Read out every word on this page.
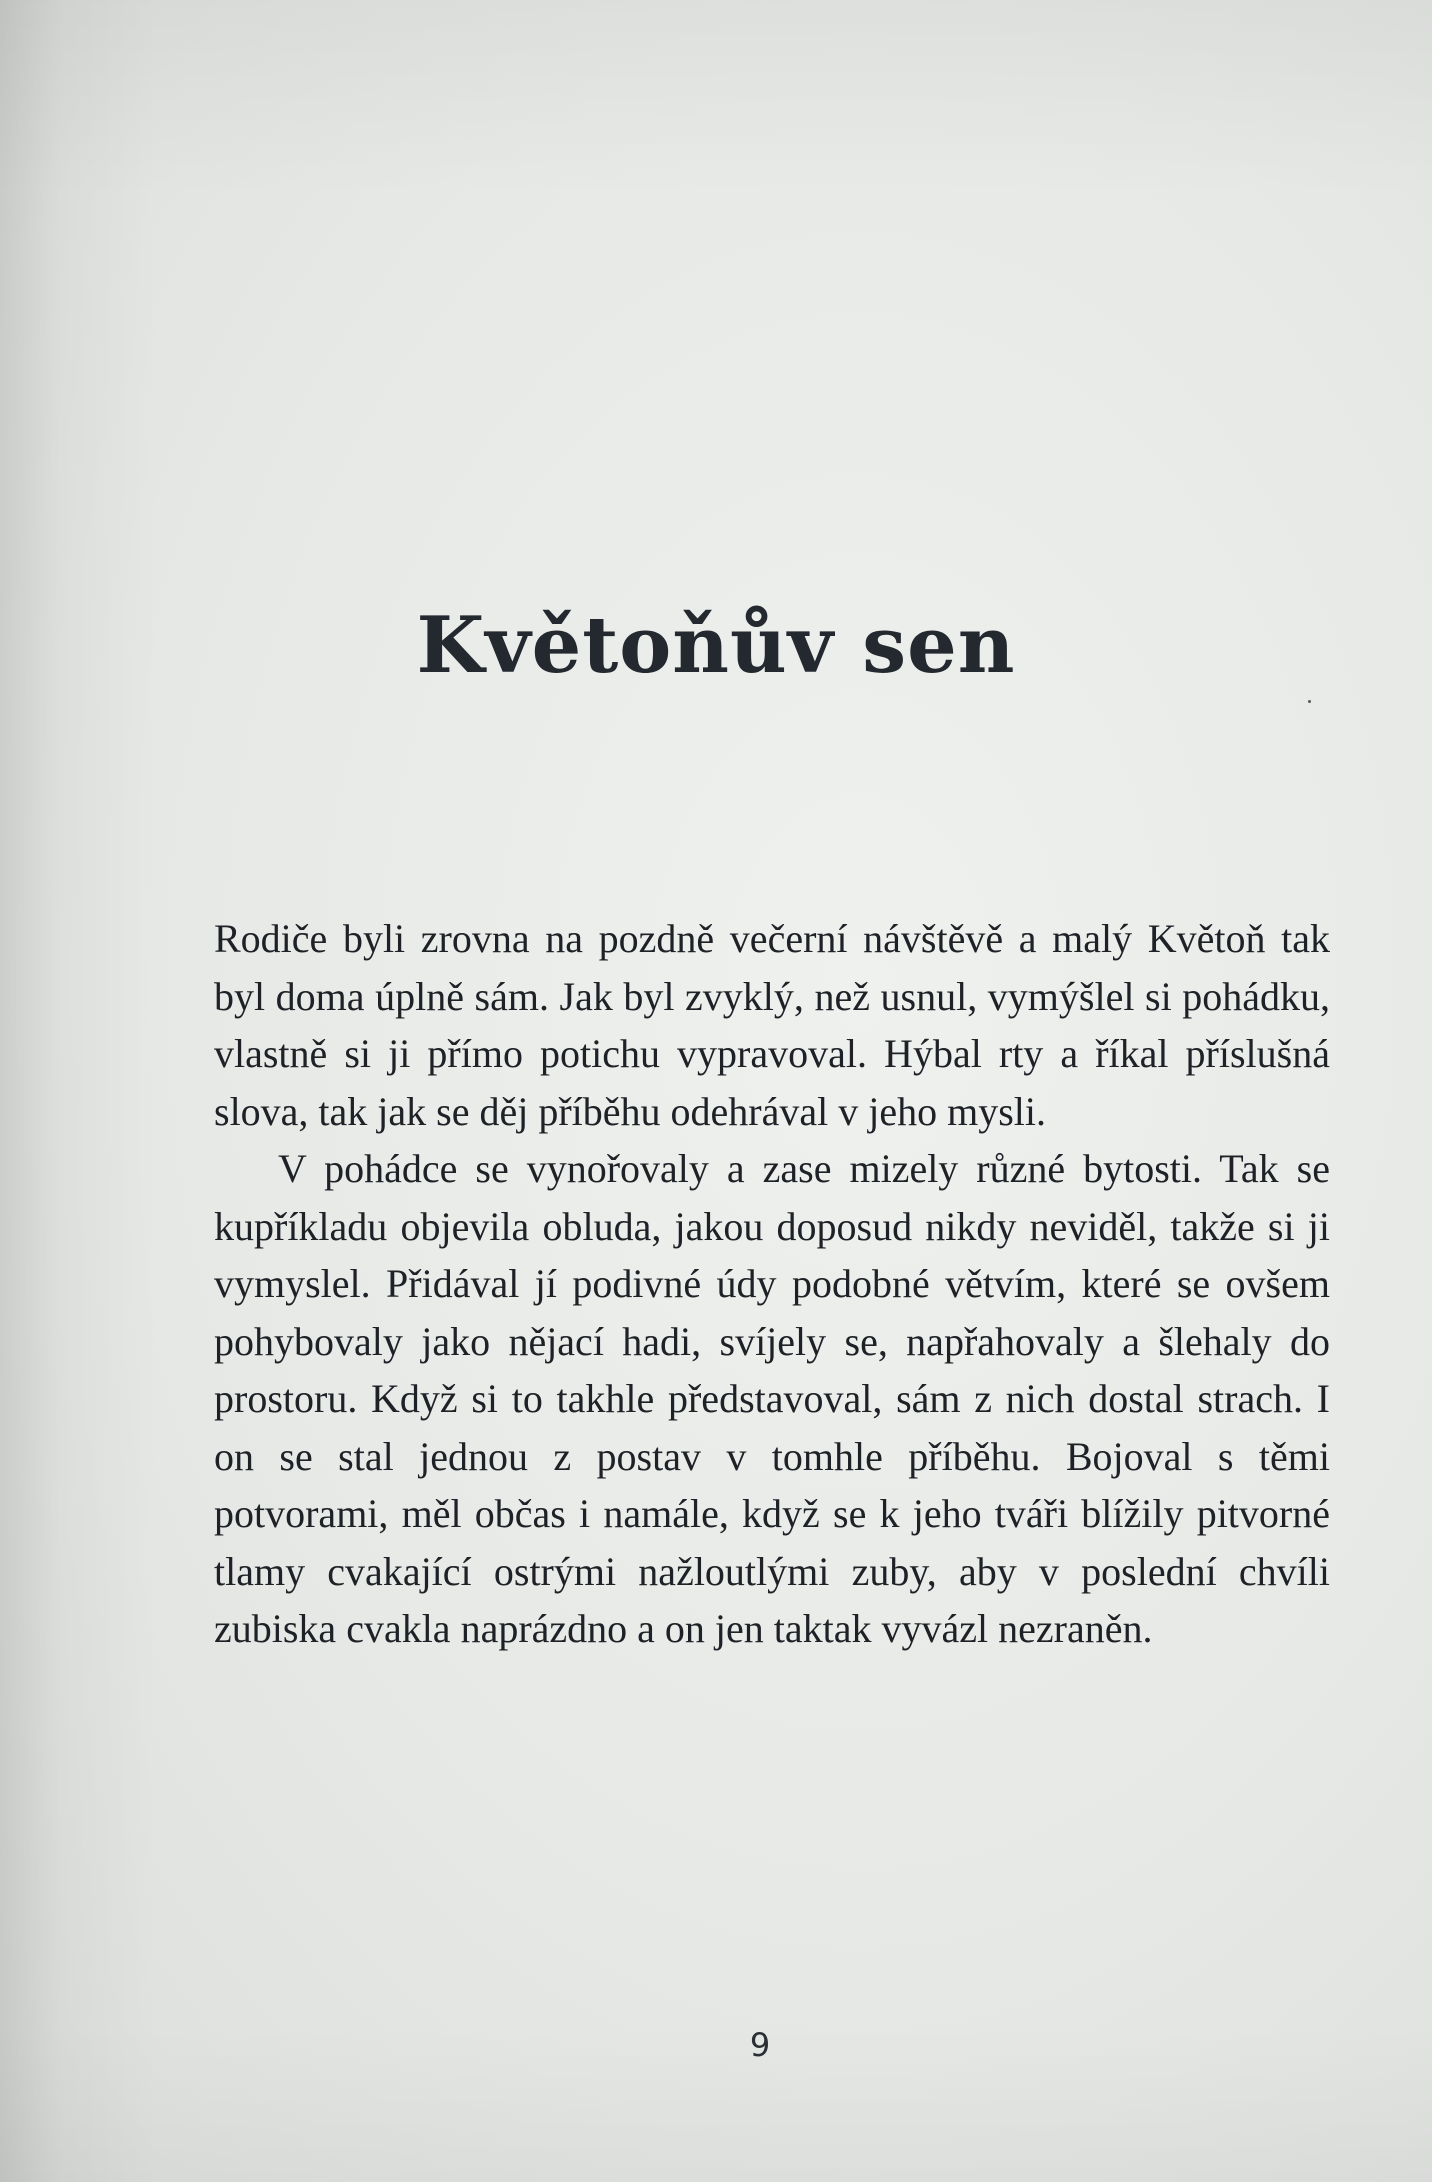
Květoňův sen

Rodiče byli zrovna na pozdně večerní návštěvě a malý Květoň tak byl doma úplně sám. Jak byl zvyklý, než usnul, vymýšlel si pohádku, vlastně si ji přímo potichu vypravoval. Hýbal rty a říkal příslušná slova, tak jak se děj příběhu odehrával v jeho mysli.

V pohádce se vynořovaly a zase mizely různé bytosti. Tak se kupříkladu objevila obluda, jakou doposud nikdy neviděl, takže si ji vymyslel. Přidával jí podivné údy podobné větvím, které se ovšem pohybovaly jako nějací hadi, svíjely se, napřahovaly a šlehaly do prostoru. Když si to takhle představoval, sám z nich dostal strach. I on se stal jednou z postav v tomhle příběhu. Bojoval s těmi potvorami, měl občas i namále, když se k jeho tváři blížily pitvorné tlamy cvakající ostrými nažloutlými zuby, aby v poslední chvíli zubiska cvakla naprázdno a on jen taktak vyvázl nezraněn.

9
